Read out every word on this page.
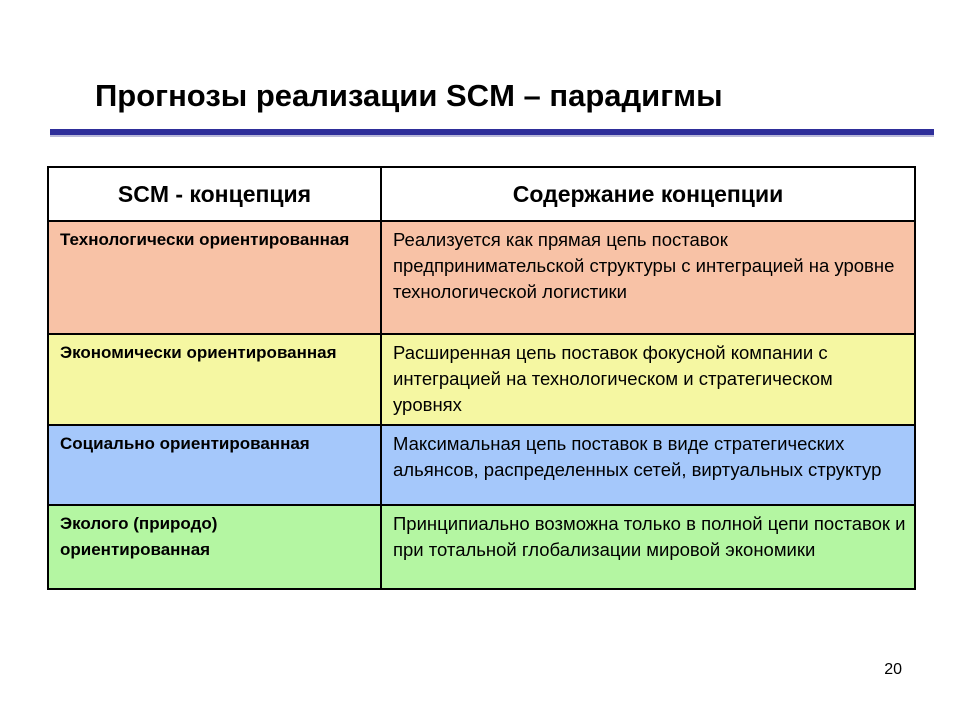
Прогнозы реализации SCM – парадигмы
SCM - концепция	Содержание концепции
Технологически ориентированная	Реализуется как прямая цепь поставок предпринимательской структуры с интеграцией на уровне технологической логистики
Экономически ориентированная	Расширенная цепь поставок фокусной компании с интеграцией на технологическом и стратегическом уровнях
Социально ориентированная	Максимальная цепь поставок в виде стратегических альянсов, распределенных сетей, виртуальных структур
Эколого (природо) ориентированная	Принципиально возможна только в полной цепи поставок и при тотальной глобализации мировой экономики
20
